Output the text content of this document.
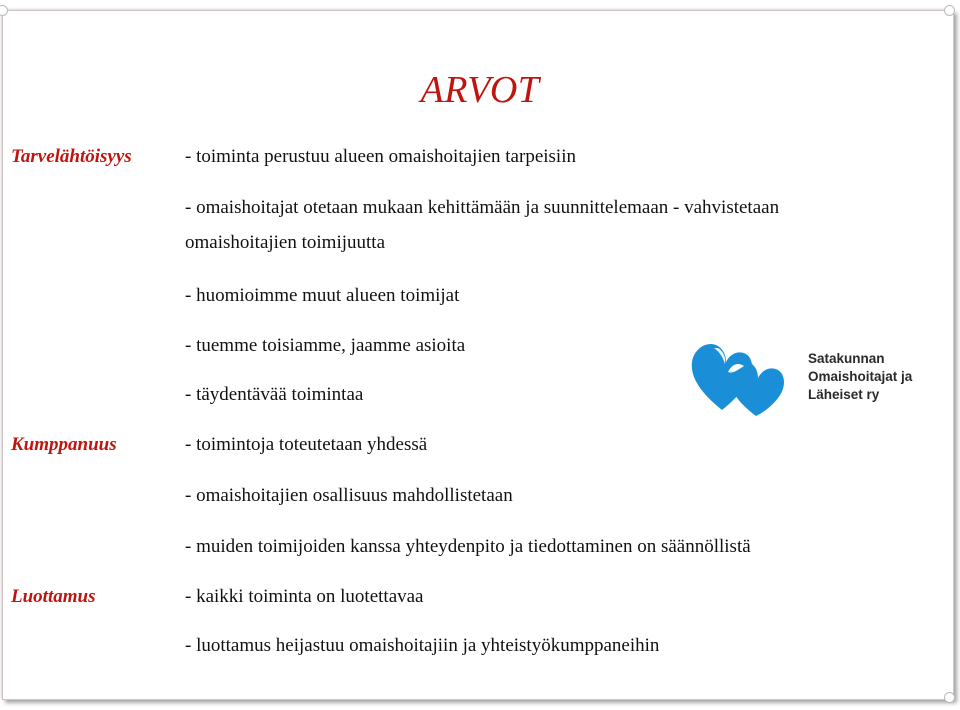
ARVOT
Tarvelähtöisyys
Kumppanuus
Luottamus
- toiminta perustuu alueen omaishoitajien tarpeisiin
- omaishoitajat otetaan mukaan kehittämään ja suunnittelemaan - vahvistetaan
omaishoitajien toimijuutta
- huomioimme muut alueen toimijat
- tuemme toisiamme, jaamme asioita
- täydentävää toimintaa
- toimintoja toteutetaan yhdessä
- omaishoitajien osallisuus mahdollistetaan
- muiden toimijoiden kanssa yhteydenpito ja tiedottaminen on säännöllistä
- kaikki toiminta on luotettavaa
- luottamus heijastuu omaishoitajiin ja yhteistyökumppaneihin
Satakunnan
Omaishoitajat ja
Läheiset ry
